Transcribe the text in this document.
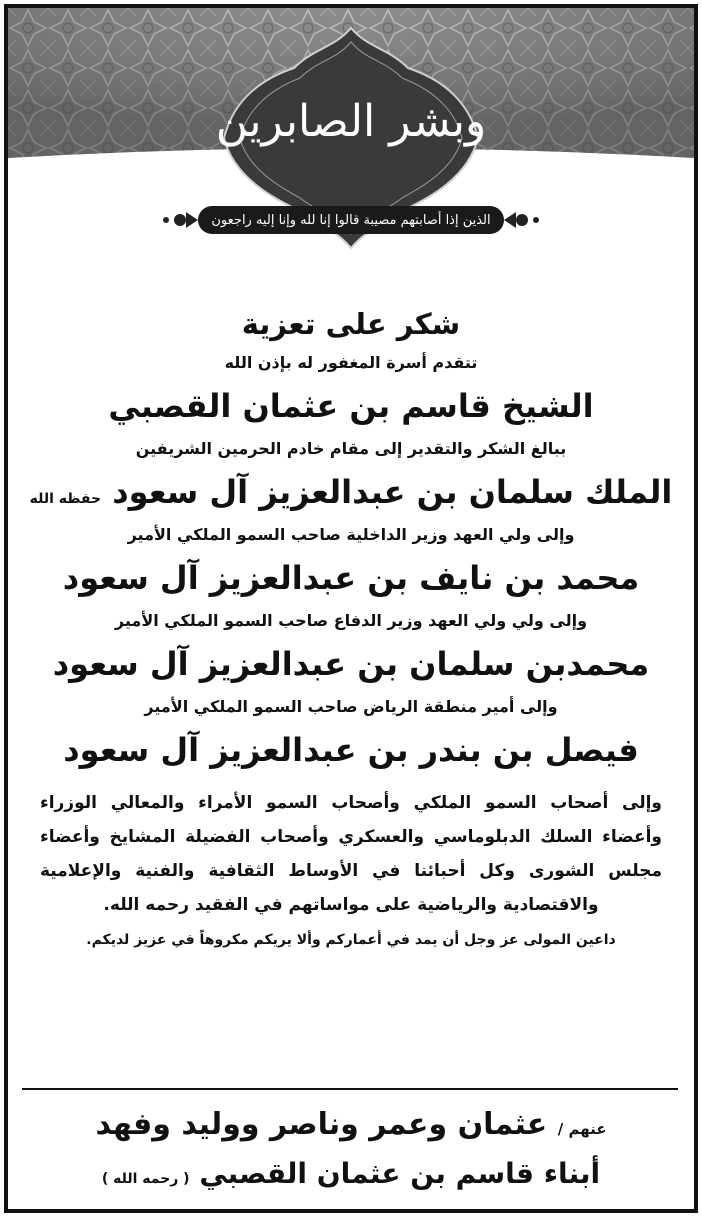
وبشر الصابرين
الذين إذا أصابتهم مصيبة قالوا إنا لله وإنا إليه راجعون
شكر على تعزية
تتقدم أسرة المغفور له بإذن الله
الشيخ قاسم بن عثمان القصبي
ببالغ الشكر والتقدير إلى مقام خادم الحرمين الشريفين
الملك سلمان بن عبدالعزيز آل سعود حفظه الله
وإلى ولي العهد وزير الداخلية صاحب السمو الملكي الأمير
محمد بن نايف بن عبدالعزيز آل سعود
وإلى ولي ولي العهد وزير الدفاع صاحب السمو الملكي الأمير
محمدبن سلمان بن عبدالعزيز آل سعود
وإلى أمير منطقة الرياض صاحب السمو الملكي الأمير
فيصل بن بندر بن عبدالعزيز آل سعود
وإلى أصحاب السمو الملكي وأصحاب السمو الأمراء والمعالي الوزراء وأعضاء السلك الدبلوماسي والعسكري وأصحاب الفضيلة المشايخ وأعضاء مجلس الشورى وكل أحبائنا في الأوساط الثقافية والفنية والإعلامية والاقتصادية والرياضية على مواساتهم في الفقيد رحمه الله.
داعين المولى عز وجل أن يمد في أعماركم وألا يريكم مكروهاً في عزيز لديكم.
عنهم / عثمان وعمر وناصر ووليد وفهد
أبناء قاسم بن عثمان القصبي ( رحمه الله )
